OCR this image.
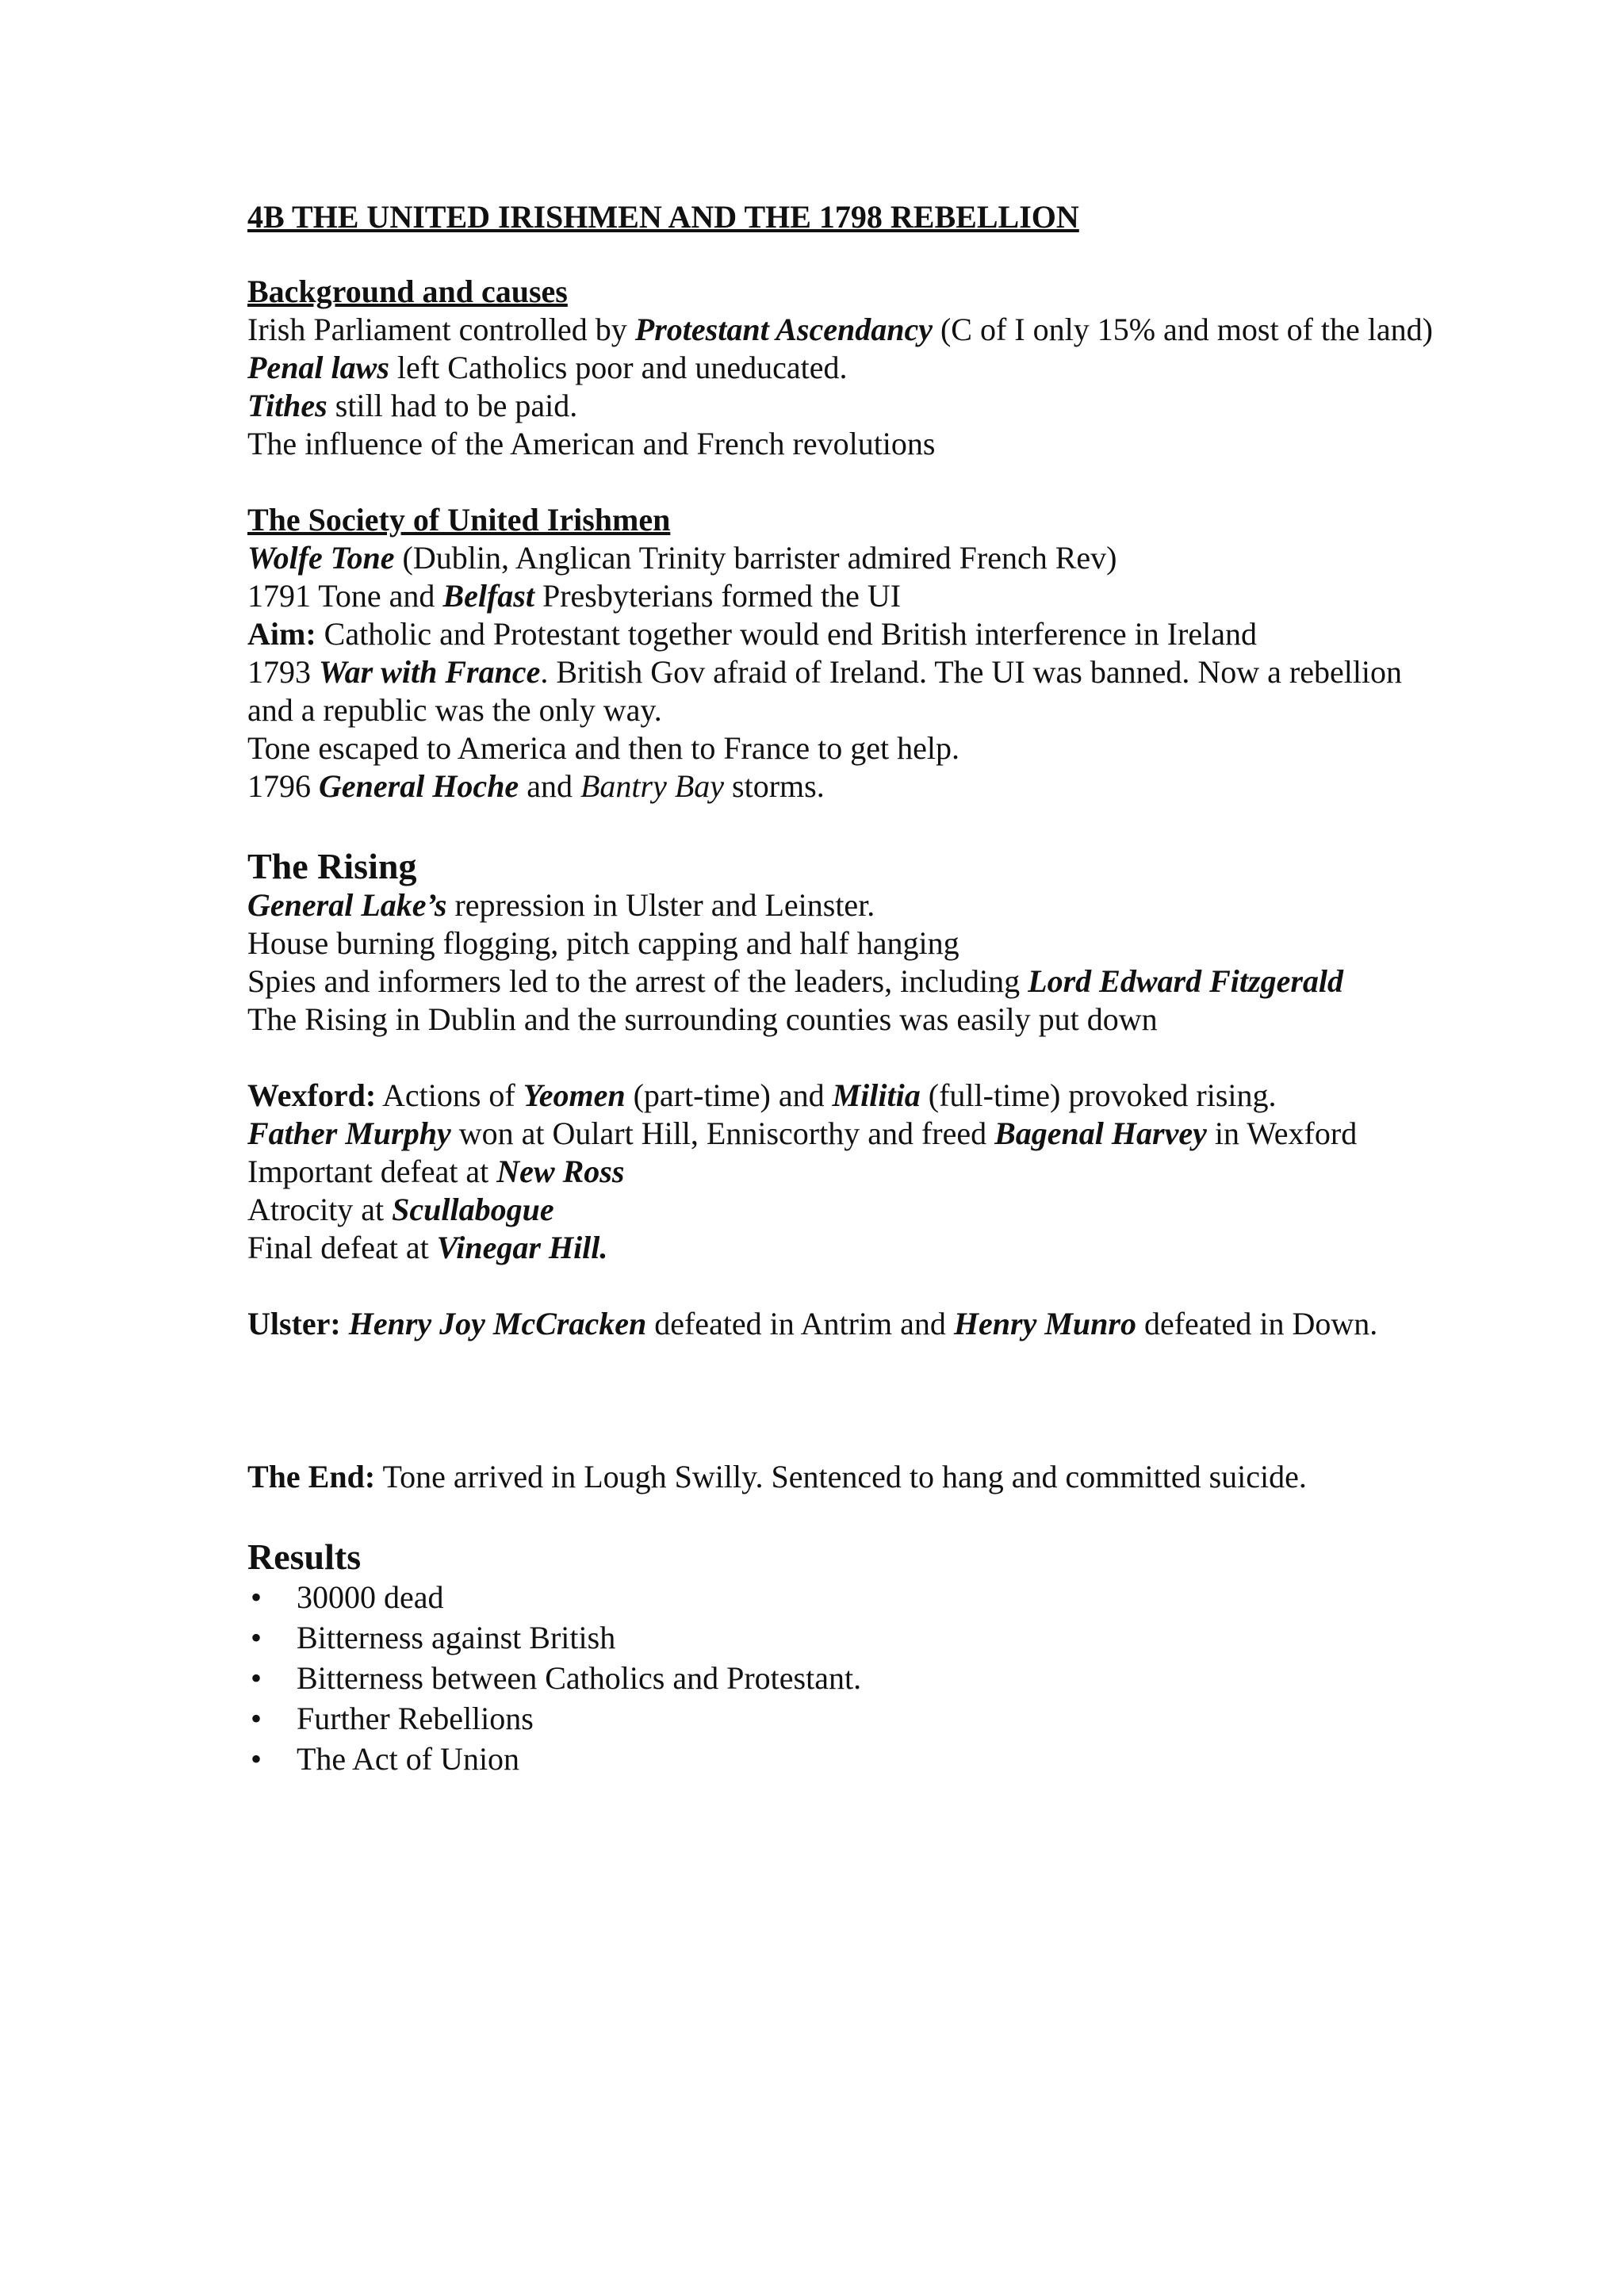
4B THE UNITED IRISHMEN AND THE 1798 REBELLION
Background and causes
Irish Parliament controlled by Protestant Ascendancy (C of I only 15% and most of the land)
Penal laws left Catholics poor and uneducated.
Tithes still had to be paid.
The influence of the American and French revolutions
The Society of United Irishmen
Wolfe Tone (Dublin, Anglican Trinity barrister admired French Rev)
1791 Tone and Belfast Presbyterians formed the UI
Aim: Catholic and Protestant together would end British interference in Ireland
1793 War with France. British Gov afraid of Ireland. The UI was banned. Now a rebellion
and a republic was the only way.
Tone escaped to America and then to France to get help.
1796 General Hoche and Bantry Bay storms.
The Rising
General Lake’s repression in Ulster and Leinster.
House burning flogging, pitch capping and half hanging
Spies and informers led to the arrest of the leaders, including Lord Edward Fitzgerald
The Rising in Dublin and the surrounding counties was easily put down
Wexford: Actions of Yeomen (part-time) and Militia (full-time) provoked rising.
Father Murphy won at Oulart Hill, Enniscorthy and freed Bagenal Harvey in Wexford
Important defeat at New Ross
Atrocity at Scullabogue
Final defeat at Vinegar Hill.
Ulster: Henry Joy McCracken defeated in Antrim and Henry Munro defeated in Down.
The End: Tone arrived in Lough Swilly. Sentenced to hang and committed suicide.
Results
• 30000 dead
• Bitterness against British
• Bitterness between Catholics and Protestant.
• Further Rebellions
• The Act of Union
